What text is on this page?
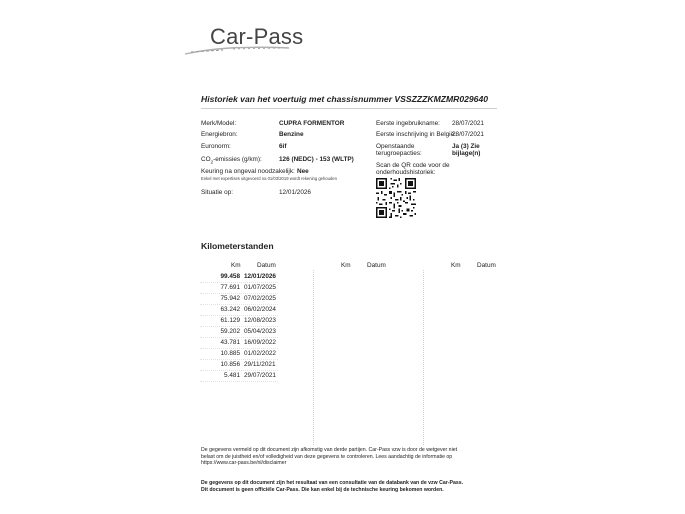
Car-Pass
Historiek van het voertuig met chassisnummer VSSZZZKMZMR029640
Merk/Model:	CUPRA FORMENTOR
Energiebron:	Benzine
Euronorm:	6if
$CO_2$-emissies (g/km):	126 (NEDC) - 153 (WLTP)
Keuring na ongeval noodzakelijk: Nee
Enkel met expertises uitgevoerd na 01/03/2019 wordt rekening gehouden
Situatie op:	12/01/2026
Eerste ingebruikname: 28/07/2021
Eerste inschrijving in België:
28/07/2021
Openstaande
terugroepacties:
Ja (3) Zie
bijlage(n)
Scan de QR code voor de
onderhoudshistoriek:
Kilometerstanden
Km	Datum	Km	Datum	Km	Datum
99.458 12/01/2026
77.691 01/07/2025
75.942 07/02/2025
63.242 06/02/2024
61.129 12/08/2023
59.202 05/04/2023
43.781 16/09/2022
10.885 01/02/2022
10.856 29/11/2021
5.481 29/07/2021
De gegevens vermeld op dit document zijn afkomstig van derde partijen. Car-Pass vzw is door de wetgever niet
belast om de juistheid en/of volledigheid van deze gegevens te controleren. Lees aandachtig de informatie op
https://www.car-pass.be/nl/disclaimer
De gegevens op dit document zijn het resultaat van een consultatie van de databank van de vzw Car-Pass.
Dit document is geen officiële Car-Pass. Die kan enkel bij de technische keuring bekomen worden.
